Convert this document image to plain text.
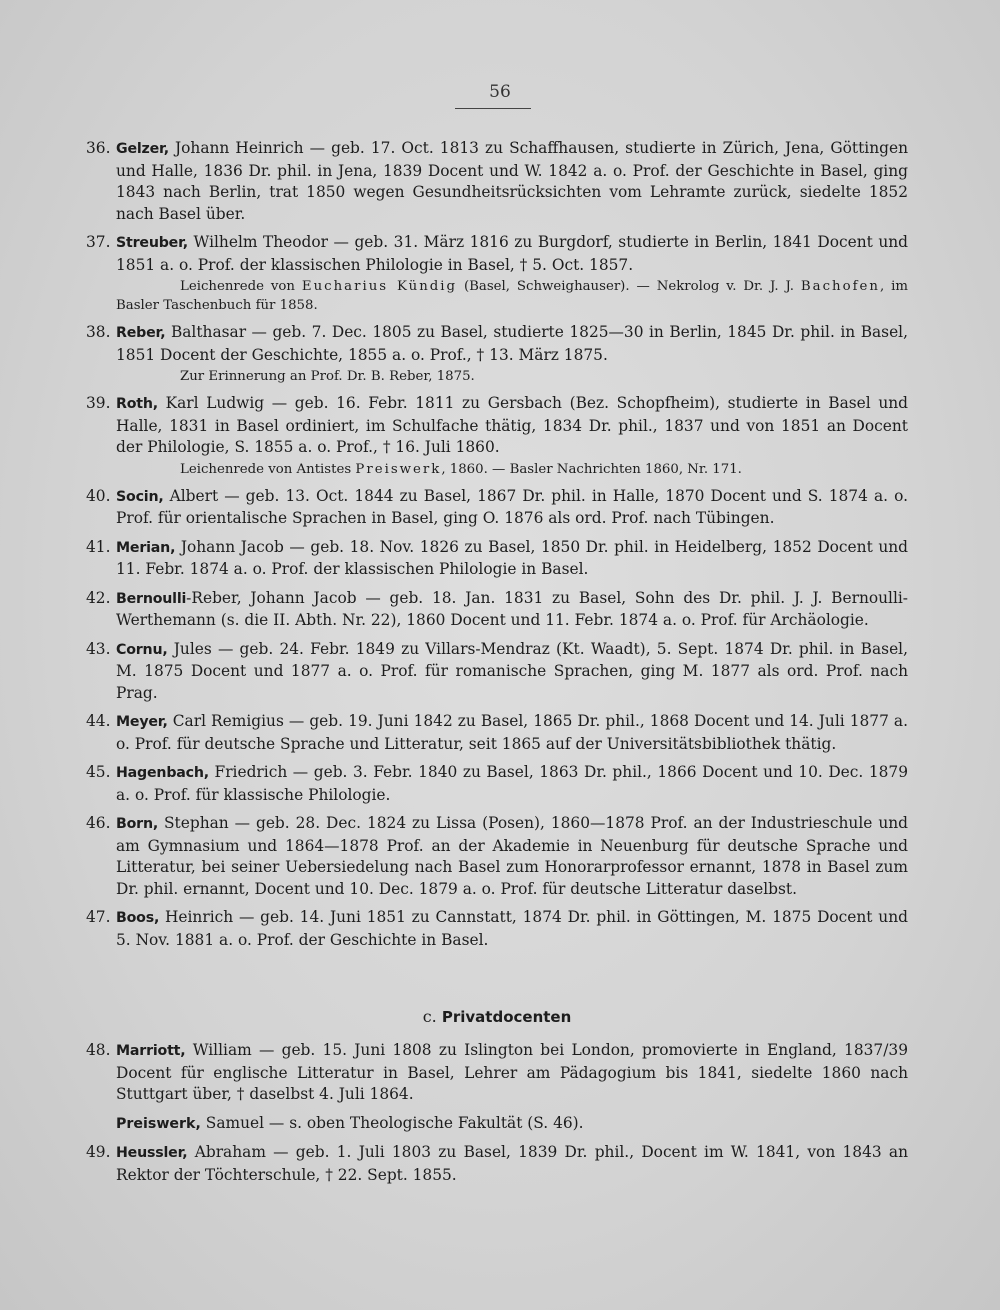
56
36. Gelzer, Johann Heinrich — geb. 17. Oct. 1813 zu Schaffhausen, studierte in Zürich, Jena, Göttingen und Halle, 1836 Dr. phil. in Jena, 1839 Docent und W. 1842 a. o. Prof. der Geschichte in Basel, ging 1843 nach Berlin, trat 1850 wegen Gesundheitsrücksichten vom Lehramte zurück, siedelte 1852 nach Basel über.
37. Streuber, Wilhelm Theodor — geb. 31. März 1816 zu Burgdorf, studierte in Berlin, 1841 Docent und 1851 a. o. Prof. der klassischen Philologie in Basel, † 5. Oct. 1857.
Leichenrede von Eucharius Kündig (Basel, Schweighauser). — Nekrolog v. Dr. J. J. Bachofen, im Basler Taschenbuch für 1858.
38. Reber, Balthasar — geb. 7. Dec. 1805 zu Basel, studierte 1825—30 in Berlin, 1845 Dr. phil. in Basel, 1851 Docent der Geschichte, 1855 a. o. Prof., † 13. März 1875.
Zur Erinnerung an Prof. Dr. B. Reber, 1875.
39. Roth, Karl Ludwig — geb. 16. Febr. 1811 zu Gersbach (Bez. Schopfheim), studierte in Basel und Halle, 1831 in Basel ordiniert, im Schulfache thätig, 1834 Dr. phil., 1837 und von 1851 an Docent der Philologie, S. 1855 a. o. Prof., † 16. Juli 1860.
Leichenrede von Antistes Preiswerk, 1860. — Basler Nachrichten 1860, Nr. 171.
40. Socin, Albert — geb. 13. Oct. 1844 zu Basel, 1867 Dr. phil. in Halle, 1870 Docent und S. 1874 a. o. Prof. für orientalische Sprachen in Basel, ging O. 1876 als ord. Prof. nach Tübingen.
41. Merian, Johann Jacob — geb. 18. Nov. 1826 zu Basel, 1850 Dr. phil. in Heidelberg, 1852 Docent und 11. Febr. 1874 a. o. Prof. der klassischen Philologie in Basel.
42. Bernoulli-Reber, Johann Jacob — geb. 18. Jan. 1831 zu Basel, Sohn des Dr. phil. J. J. Bernoulli-Werthemann (s. die II. Abth. Nr. 22), 1860 Docent und 11. Febr. 1874 a. o. Prof. für Archäologie.
43. Cornu, Jules — geb. 24. Febr. 1849 zu Villars-Mendraz (Kt. Waadt), 5. Sept. 1874 Dr. phil. in Basel, M. 1875 Docent und 1877 a. o. Prof. für romanische Sprachen, ging M. 1877 als ord. Prof. nach Prag.
44. Meyer, Carl Remigius — geb. 19. Juni 1842 zu Basel, 1865 Dr. phil., 1868 Docent und 14. Juli 1877 a. o. Prof. für deutsche Sprache und Litteratur, seit 1865 auf der Universitätsbibliothek thätig.
45. Hagenbach, Friedrich — geb. 3. Febr. 1840 zu Basel, 1863 Dr. phil., 1866 Docent und 10. Dec. 1879 a. o. Prof. für klassische Philologie.
46. Born, Stephan — geb. 28. Dec. 1824 zu Lissa (Posen), 1860—1878 Prof. an der Industrieschule und am Gymnasium und 1864—1878 Prof. an der Akademie in Neuenburg für deutsche Sprache und Litteratur, bei seiner Uebersiedelung nach Basel zum Honorarprofessor ernannt, 1878 in Basel zum Dr. phil. ernannt, Docent und 10. Dec. 1879 a. o. Prof. für deutsche Litteratur daselbst.
47. Boos, Heinrich — geb. 14. Juni 1851 zu Cannstatt, 1874 Dr. phil. in Göttingen, M. 1875 Docent und 5. Nov. 1881 a. o. Prof. der Geschichte in Basel.
c. Privatdocenten
48. Marriott, William — geb. 15. Juni 1808 zu Islington bei London, promovierte in England, 1837/39 Docent für englische Litteratur in Basel, Lehrer am Pädagogium bis 1841, siedelte 1860 nach Stuttgart über, † daselbst 4. Juli 1864.
Preiswerk, Samuel — s. oben Theologische Fakultät (S. 46).
49. Heussler, Abraham — geb. 1. Juli 1803 zu Basel, 1839 Dr. phil., Docent im W. 1841, von 1843 an Rektor der Töchterschule, † 22. Sept. 1855.
